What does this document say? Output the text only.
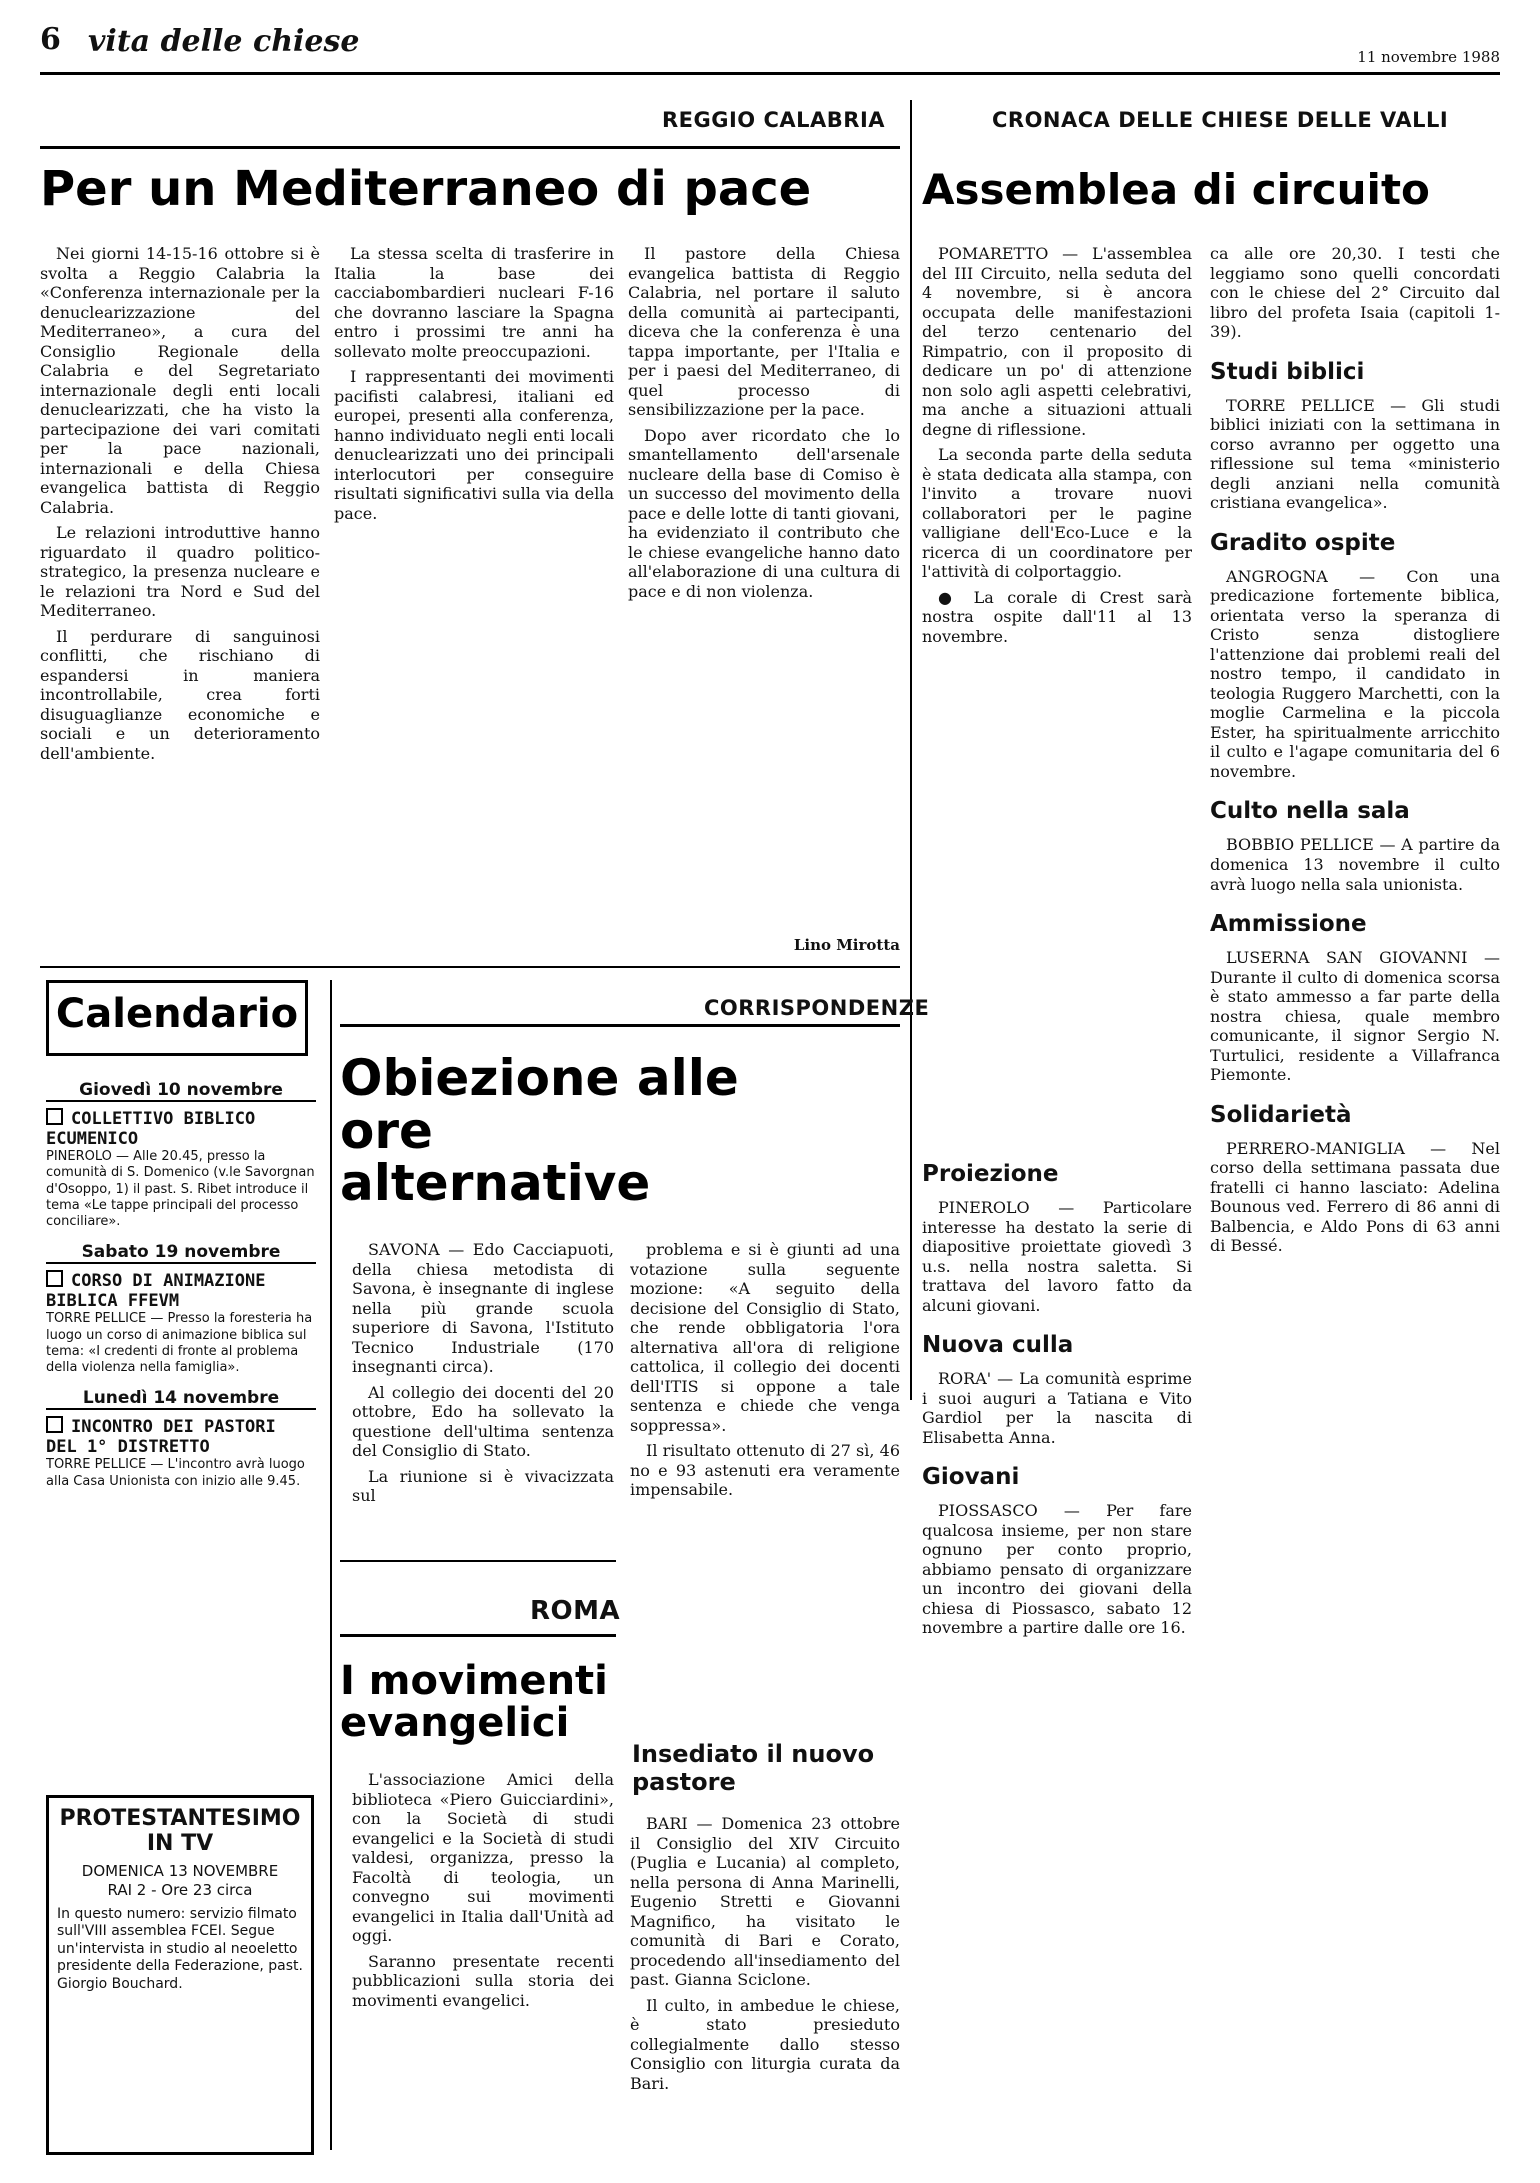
6 vita delle chiese	11 novembre 1988
REGGIO CALABRIA
Per un Mediterraneo di pace

Nei giorni 14-15-16 ottobre si è svolta a Reggio Calabria la «Conferenza internazionale per la denuclearizzazione del Mediterraneo», a cura del Consiglio Regionale della Calabria e del Segretariato internazionale degli enti locali denuclearizzati, che ha visto la partecipazione dei vari comitati per la pace nazionali, internazionali e della Chiesa evangelica battista di Reggio Calabria.

Le relazioni introduttive hanno riguardato il quadro politico-strategico, la presenza nucleare e le relazioni tra Nord e Sud del Mediterraneo.

Il perdurare di sanguinosi conflitti, che rischiano di espandersi in maniera incontrollabile, crea forti disuguaglianze economiche e sociali e un deterioramento dell'ambiente.

La stessa scelta di trasferire in Italia la base dei cacciabombardieri nucleari F-16 che dovranno lasciare la Spagna entro i prossimi tre anni ha sollevato molte preoccupazioni.

I rappresentanti dei movimenti pacifisti calabresi, italiani ed europei, presenti alla conferenza, hanno individuato negli enti locali denuclearizzati uno dei principali interlocutori per conseguire risultati significativi sulla via della pace.

Il pastore della Chiesa evangelica battista di Reggio Calabria, nel portare il saluto della comunità ai partecipanti, diceva che la conferenza è una tappa importante, per l'Italia e per i paesi del Mediterraneo, di quel processo di sensibilizzazione per la pace.

Dopo aver ricordato che lo smantellamento dell'arsenale nucleare della base di Comiso è un successo del movimento della pace e delle lotte di tanti giovani, ha evidenziato il contributo che le chiese evangeliche hanno dato all'elaborazione di una cultura di pace e di non violenza.

Lino Mirotta
CRONACA DELLE CHIESE DELLE VALLI
Assemblea di circuito

POMARETTO — L'assemblea del III Circuito, nella seduta del 4 novembre, si è ancora occupata delle manifestazioni del terzo centenario del Rimpatrio, con il proposito di dedicare un po' di attenzione non solo agli aspetti celebrativi, ma anche a situazioni attuali degne di riflessione.

La seconda parte della seduta è stata dedicata alla stampa, con l'invito a trovare nuovi collaboratori per le pagine valligiane dell'Eco-Luce e la ricerca di un coordinatore per l'attività di colportaggio.

● La corale di Crest sarà nostra ospite dall'11 al 13 novembre.

ca alle ore 20,30. I testi che leggiamo sono quelli concordati con le chiese del 2° Circuito dal libro del profeta Isaia (capitoli 1-39).

Studi biblici

TORRE PELLICE — Gli studi biblici iniziati con la settimana in corso avranno per oggetto una riflessione sul tema «ministerio degli anziani nella comunità cristiana evangelica».

Gradito ospite

ANGROGNA — Con una predicazione fortemente biblica, orientata verso la speranza di Cristo senza distogliere l'attenzione dai problemi reali del nostro tempo, il candidato in teologia Ruggero Marchetti, con la moglie Carmelina e la piccola Ester, ha spiritualmente arricchito il culto e l'agape comunitaria del 6 novembre.

Culto nella sala

BOBBIO PELLICE — A partire da domenica 13 novembre il culto avrà luogo nella sala unionista.

Ammissione

LUSERNA SAN GIOVANNI — Durante il culto di domenica scorsa è stato ammesso a far parte della nostra chiesa, quale membro comunicante, il signor Sergio N. Turtulici, residente a Villafranca Piemonte.

Solidarietà

PERRERO-MANIGLIA — Nel corso della settimana passata due fratelli ci hanno lasciato: Adelina Bounous ved. Ferrero di 86 anni di Balbencia, e Aldo Pons di 63 anni di Bessé.

Proiezione

PINEROLO — Particolare interesse ha destato la serie di diapositive proiettate giovedì 3 u.s. nella nostra saletta. Si trattava del lavoro fatto da alcuni giovani.

Nuova culla

RORA' — La comunità esprime i suoi auguri a Tatiana e Vito Gardiol per la nascita di Elisabetta Anna.

Giovani

PIOSSASCO — Per fare qualcosa insieme, per non stare ognuno per conto proprio, abbiamo pensato di organizzare un incontro dei giovani della chiesa di Piossasco, sabato 12 novembre a partire dalle ore 16.

Calendario
Giovedì 10 novembre
COLLETTIVO BIBLICO ECUMENICO
PINEROLO — Alle 20.45, presso la comunità di S. Domenico (v.le Savorgnan d'Osoppo, 1) il past. S. Ribet introduce il tema «Le tappe principali del processo conciliare».
Sabato 19 novembre
CORSO DI ANIMAZIONE BIBLICA FFEVM
TORRE PELLICE — Presso la foresteria ha luogo un corso di animazione biblica sul tema: «I credenti di fronte al problema della violenza nella famiglia».
Lunedì 14 novembre
INCONTRO DEI PASTORI DEL 1° DISTRETTO
TORRE PELLICE — L'incontro avrà luogo alla Casa Unionista con inizio alle 9.45.
PROTESTANTESIMO IN TV
DOMENICA 13 NOVEMBRE
RAI 2 - Ore 23 circa
In questo numero: servizio filmato sull'VIII assemblea FCEI. Segue un'intervista in studio al neoeletto presidente della Federazione, past. Giorgio Bouchard.
CORRISPONDENZE
Obiezione alle ore alternative

SAVONA — Edo Cacciapuoti, della chiesa metodista di Savona, è insegnante di inglese nella più grande scuola superiore di Savona, l'Istituto Tecnico Industriale (170 insegnanti circa).

Al collegio dei docenti del 20 ottobre, Edo ha sollevato la questione dell'ultima sentenza del Consiglio di Stato.

La riunione si è vivacizzata sul

problema e si è giunti ad una votazione sulla seguente mozione: «A seguito della decisione del Consiglio di Stato, che rende obbligatoria l'ora alternativa all'ora di religione cattolica, il collegio dei docenti dell'ITIS si oppone a tale sentenza e chiede che venga soppressa».

Il risultato ottenuto di 27 sì, 46 no e 93 astenuti era veramente impensabile.

ROMA
I movimenti evangelici

L'associazione Amici della biblioteca «Piero Guicciardini», con la Società di studi evangelici e la Società di studi valdesi, organizza, presso la Facoltà di teologia, un convegno sui movimenti evangelici in Italia dall'Unità ad oggi.

Saranno presentate recenti pubblicazioni sulla storia dei movimenti evangelici.

Insediato il nuovo pastore

BARI — Domenica 23 ottobre il Consiglio del XIV Circuito (Puglia e Lucania) al completo, nella persona di Anna Marinelli, Eugenio Stretti e Giovanni Magnifico, ha visitato le comunità di Bari e Corato, procedendo all'insediamento del past. Gianna Sciclone.

Il culto, in ambedue le chiese, è stato presieduto collegialmente dallo stesso Consiglio con liturgia curata da Bari.
